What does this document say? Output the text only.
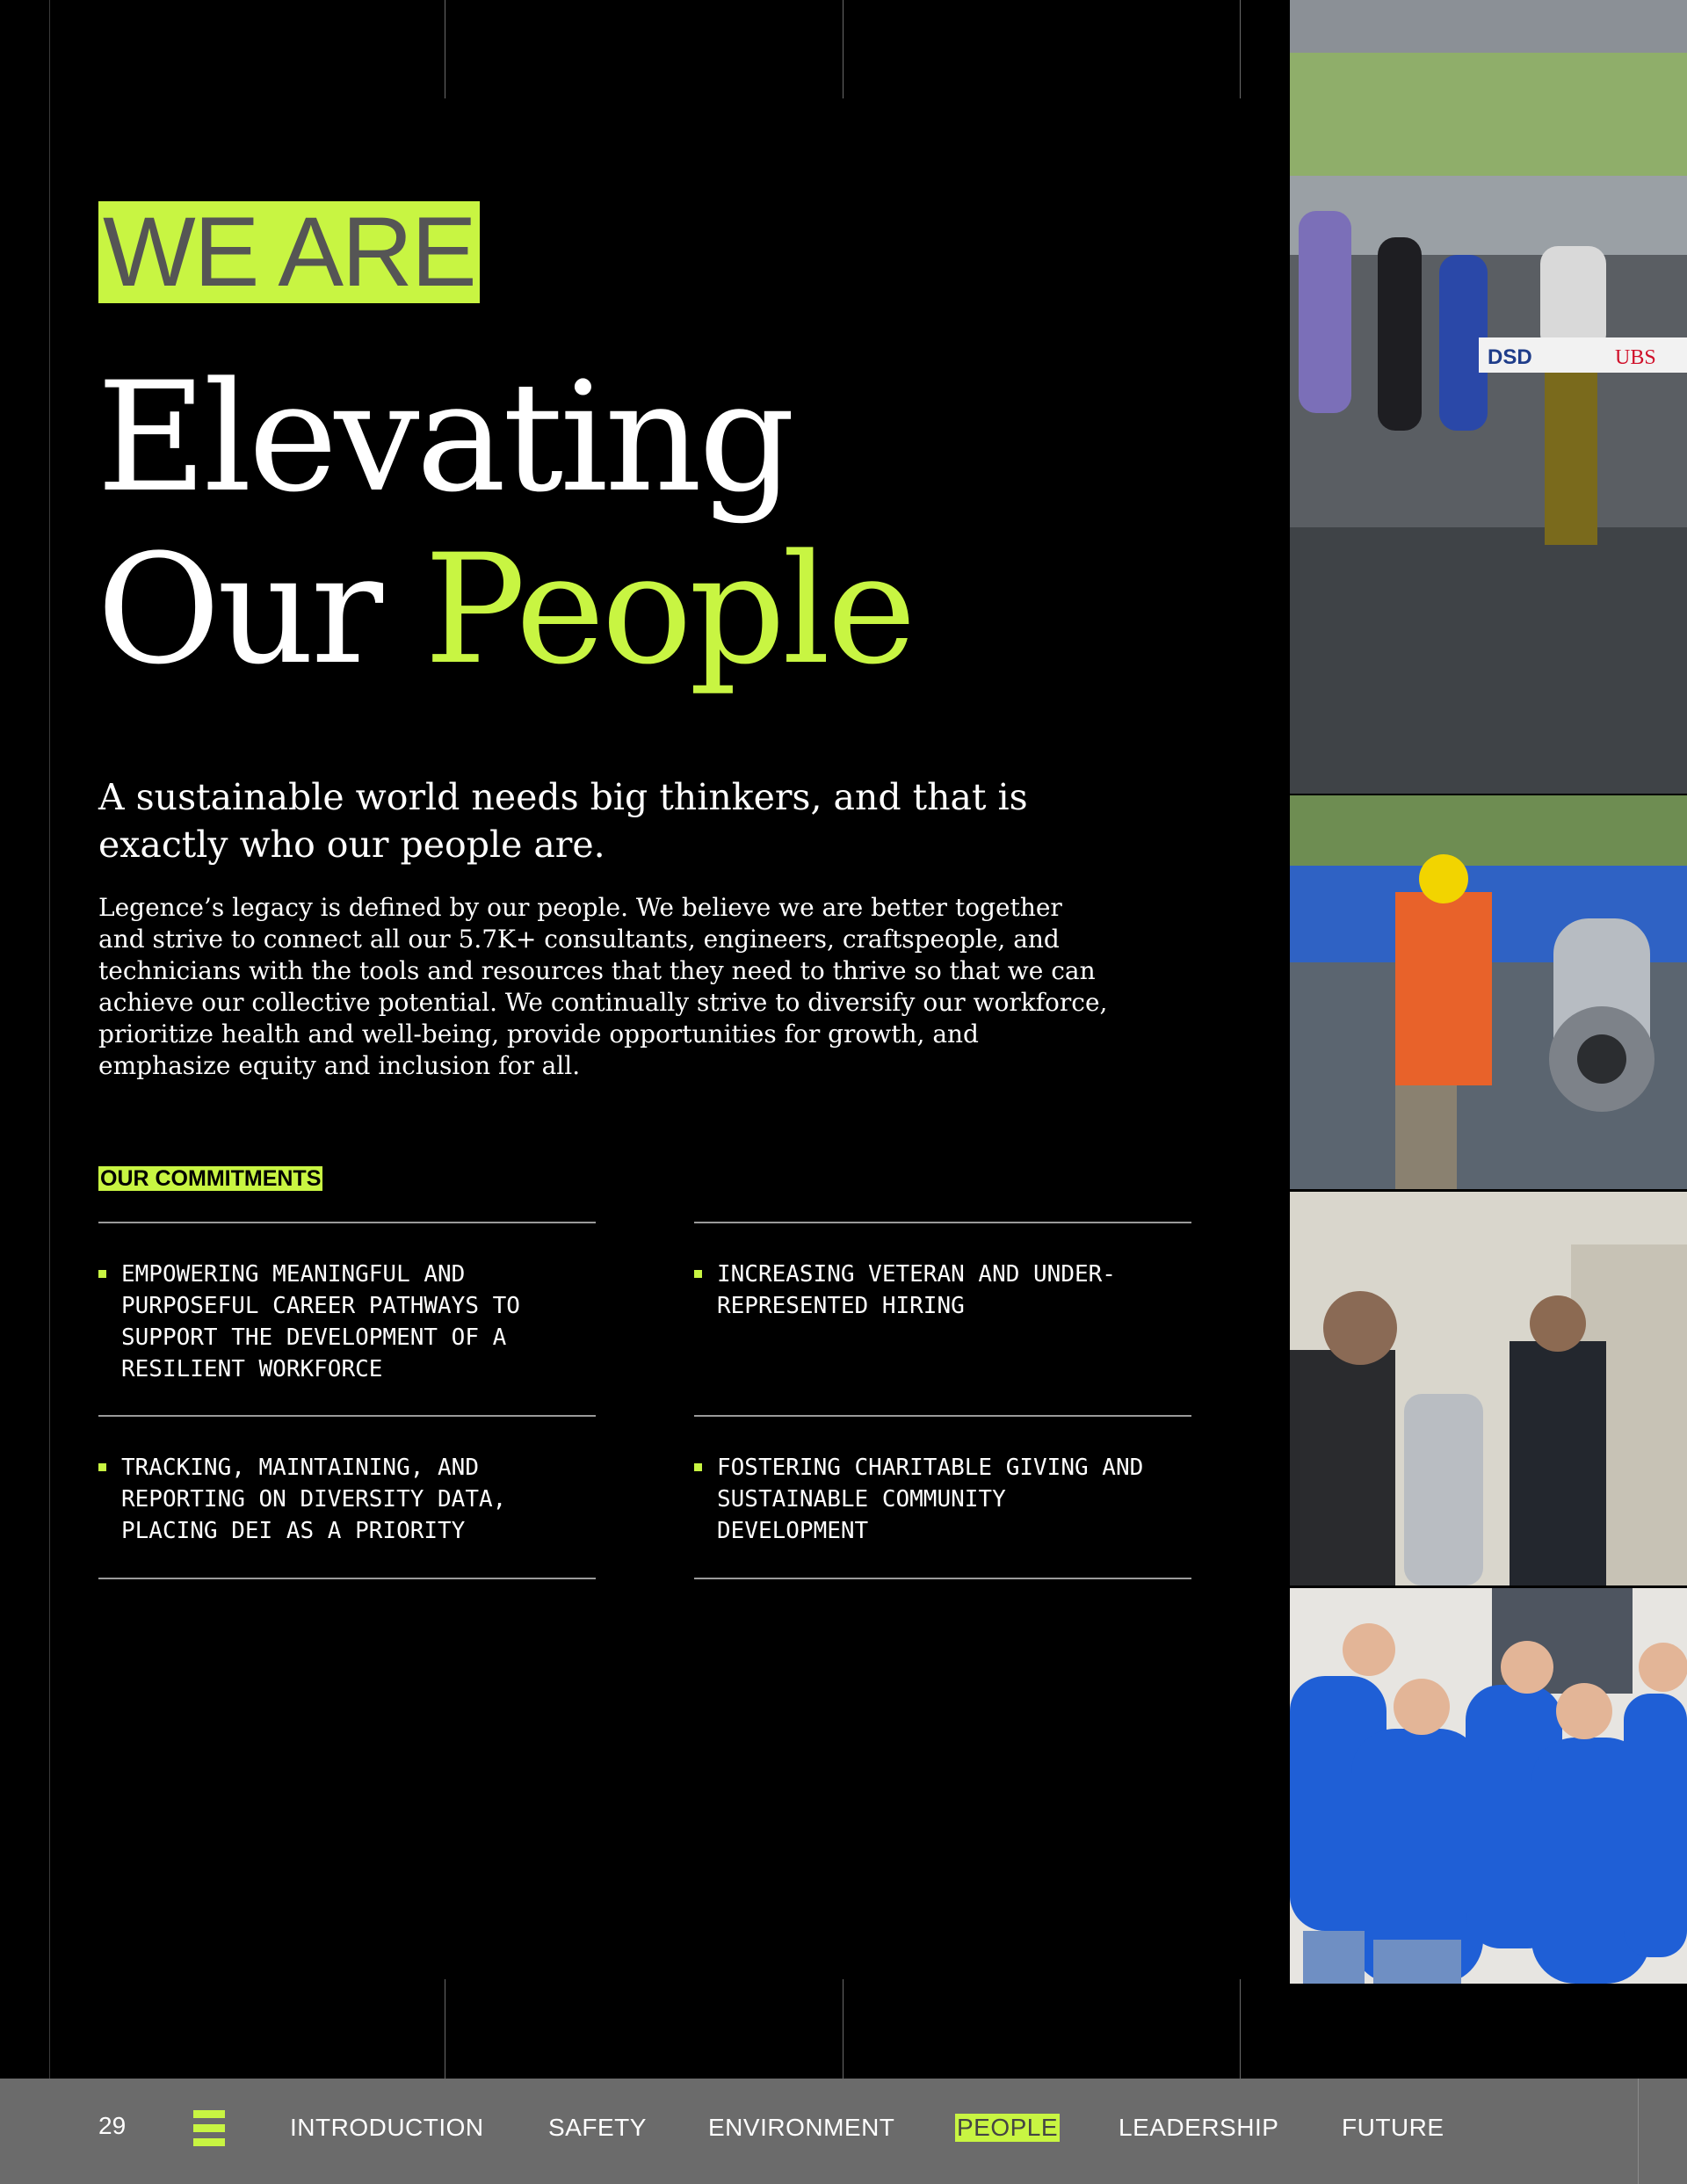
WE ARE
Elevating
Our People
A sustainable world needs big thinkers, and that is exactly who our people are.
Legence’s legacy is defined by our people. We believe we are better together and strive to connect all our 5.7K+ consultants, engineers, craftspeople, and technicians with the tools and resources that they need to thrive so that we can achieve our collective potential. We continually strive to diversify our workforce, prioritize health and well-being, provide opportunities for growth, and emphasize equity and inclusion for all.
OUR COMMITMENTS
EMPOWERING MEANINGFUL AND PURPOSEFUL CAREER PATHWAYS TO SUPPORT THE DEVELOPMENT OF A RESILIENT WORKFORCE
INCREASING VETERAN AND UNDER-REPRESENTED HIRING
TRACKING, MAINTAINING, AND REPORTING ON DIVERSITY DATA, PLACING DEI AS A PRIORITY
FOSTERING CHARITABLE GIVING AND SUSTAINABLE COMMUNITY DEVELOPMENT
DSD	UBS
29	INTRODUCTION	SAFETY	ENVIRONMENT	PEOPLE LEADERSHIP	FUTURE
